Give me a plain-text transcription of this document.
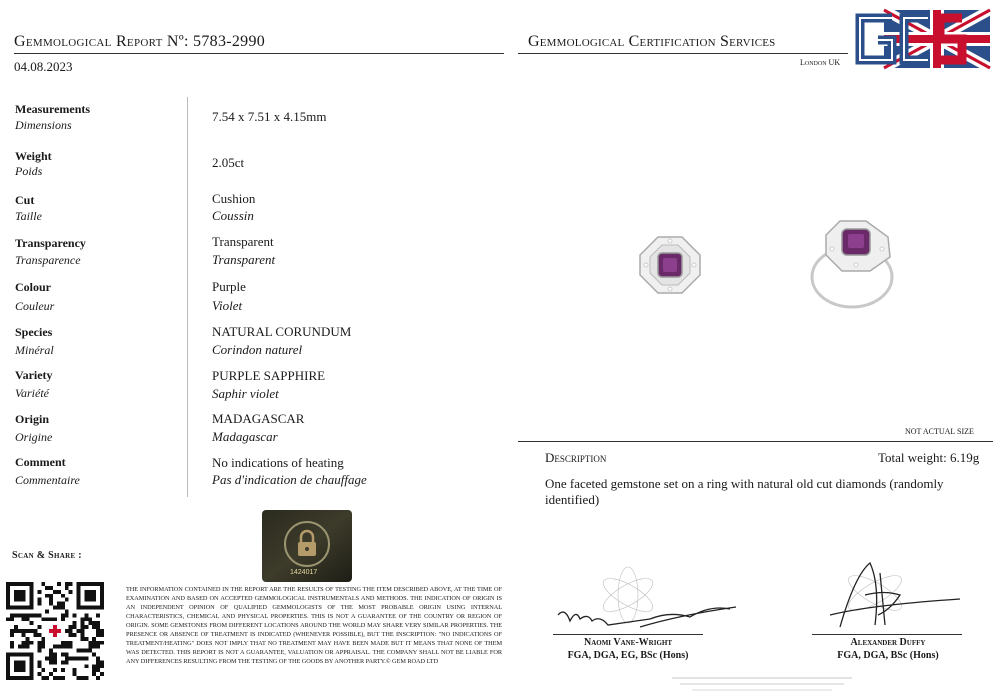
Gemmological Report Nº: 5783-2990
04.08.2023
Gemmological Certification Services
London UK
Measurements
Dimensions
7.54 x 7.51 x 4.15mm
Weight
Poids
2.05ct
Cut
Taille
Cushion
Coussin
Transparency
Transparence
Transparent
Transparent
Colour
Couleur
Purple
Violet
Species
Minéral
NATURAL CORUNDUM
Corindon naturel
Variety
Variété
PURPLE SAPPHIRE
Saphir violet
Origin
Origine
MADAGASCAR
Madagascar
Comment
Commentaire
No indications of heating
Pas d'indication de chauffage
NOT ACTUAL SIZE
Description	Total weight: 6.19g
One faceted gemstone set on a ring with natural old cut diamonds (randomly identified)
Scan & Share :
1424017
THE INFORMATION CONTAINED IN THE REPORT ARE THE RESULTS OF TESTING THE ITEM DESCRIBED ABOVE, AT THE TIME OF EXAMINATION AND BASED ON ACCEPTED GEMMOLOGICAL INSTRUMENTALS AND METHODS. THE INDICATION OF ORIGIN IS AN INDEPENDENT OPINION OF QUALIFIED GEMMOLOGISTS OF THE MOST PROBABLE ORIGIN USING INTERNAL CHARACTERISTICS, CHEMICAL AND PHYSICAL PROPERTIES. THIS IS NOT A GUARANTEE OF THE COUNTRY OR REGION OF ORIGIN. SOME GEMSTONES FROM DIFFERENT LOCATIONS AROUND THE WORLD MAY SHARE VERY SIMILAR PROPERTIES. THE PRESENCE OR ABSENCE OF TREATMENT IS INDICATED (WHENEVER POSSIBLE), BUT THE INSCRIPTION: "NO INDICATIONS OF TREATMENT/HEATING" DOES NOT IMPLY THAT NO TREATMENT MAY HAVE BEEN MADE BUT IT MEANS THAT NONE OF THEM WAS DETECTED. THIS REPORT IS NOT A GUARANTEE, VALUATION OR APPRAISAL. THE COMPANY SHALL NOT BE LIABLE FOR ANY DIFFERENCES RESULTING FROM THE TESTING OF THE GOODS BY ANOTHER PARTY.© GEM ROAD LTD
Naomi Vane-Wright
FGA, DGA, EG, BSc (Hons)
Alexander Duffy
FGA, DGA, BSc (Hons)
